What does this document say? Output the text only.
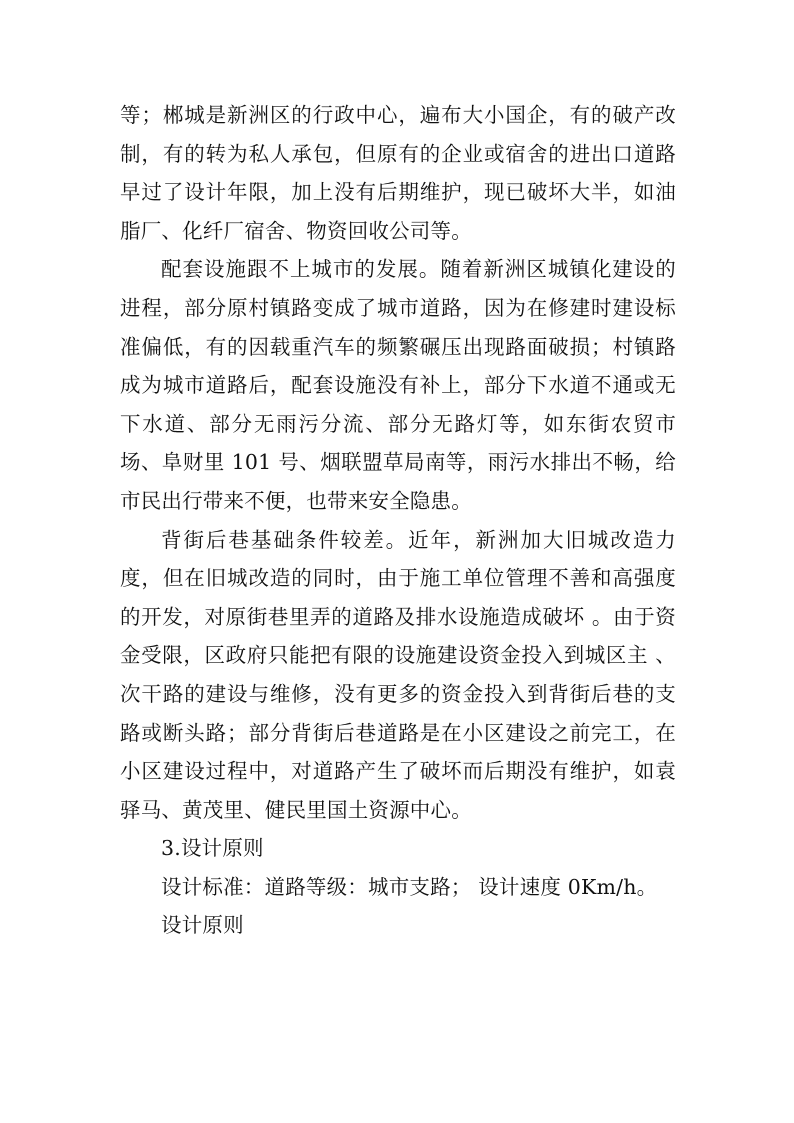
等；郴城是新洲区的行政中心，遍布大小国企，有的破产改制，有的转为私人承包，但原有的企业或宿舍的进出口道路早过了设计年限，加上没有后期维护，现已破坏大半，如油脂厂、化纤厂宿舍、物资回收公司等。

配套设施跟不上城市的发展。随着新洲区城镇化建设的进程，部分原村镇路变成了城市道路，因为在修建时建设标准偏低，有的因载重汽车的频繁碾压出现路面破损；村镇路成为城市道路后，配套设施没有补上，部分下水道不通或无下水道、部分无雨污分流、部分无路灯等，如东街农贸市场、阜财里 101 号、烟联盟草局南等，雨污水排出不畅，给市民出行带来不便，也带来安全隐患。

背街后巷基础条件较差。近年，新洲加大旧城改造力度，但在旧城改造的同时，由于施工单位管理不善和高强度的开发，对原街巷里弄的道路及排水设施造成破坏 。由于资金受限，区政府只能把有限的设施建设资金投入到城区主 、次干路的建设与维修，没有更多的资金投入到背街后巷的支路或断头路；部分背街后巷道路是在小区建设之前完工，在小区建设过程中，对道路产生了破坏而后期没有维护，如袁驿马、黄茂里、健民里国土资源中心。

3.设计原则

设计标准：道路等级：城市支路； 设计速度 0Km/h。

设计原则
